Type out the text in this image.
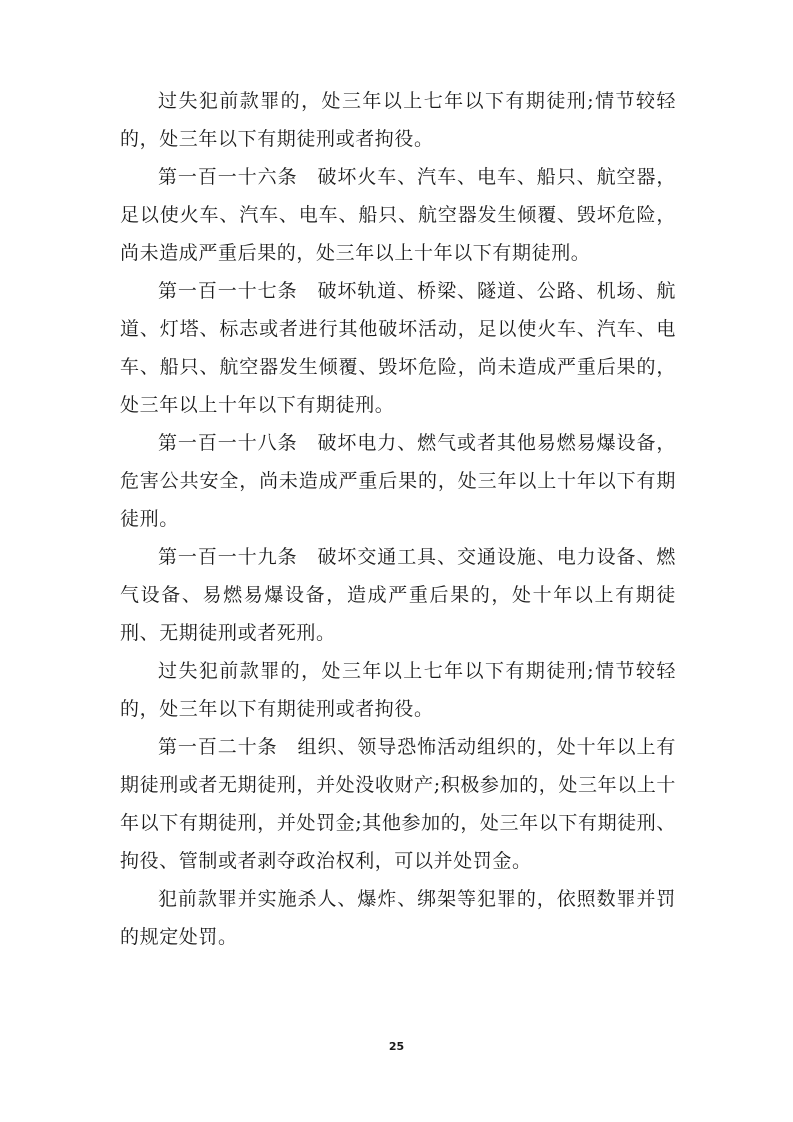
过失犯前款罪的，处三年以上七年以下有期徒刑;情节较轻的，处三年以下有期徒刑或者拘役。

第一百一十六条　破坏火车、汽车、电车、船只、航空器，足以使火车、汽车、电车、船只、航空器发生倾覆、毁坏危险，尚未造成严重后果的，处三年以上十年以下有期徒刑。

第一百一十七条　破坏轨道、桥梁、隧道、公路、机场、航道、灯塔、标志或者进行其他破坏活动，足以使火车、汽车、电车、船只、航空器发生倾覆、毁坏危险，尚未造成严重后果的，处三年以上十年以下有期徒刑。

第一百一十八条　破坏电力、燃气或者其他易燃易爆设备，危害公共安全，尚未造成严重后果的，处三年以上十年以下有期徒刑。

第一百一十九条　破坏交通工具、交通设施、电力设备、燃气设备、易燃易爆设备，造成严重后果的，处十年以上有期徒刑、无期徒刑或者死刑。

过失犯前款罪的，处三年以上七年以下有期徒刑;情节较轻的，处三年以下有期徒刑或者拘役。

第一百二十条　组织、领导恐怖活动组织的，处十年以上有期徒刑或者无期徒刑，并处没收财产;积极参加的，处三年以上十年以下有期徒刑，并处罚金;其他参加的，处三年以下有期徒刑、拘役、管制或者剥夺政治权利，可以并处罚金。

犯前款罪并实施杀人、爆炸、绑架等犯罪的，依照数罪并罚的规定处罚。

25
